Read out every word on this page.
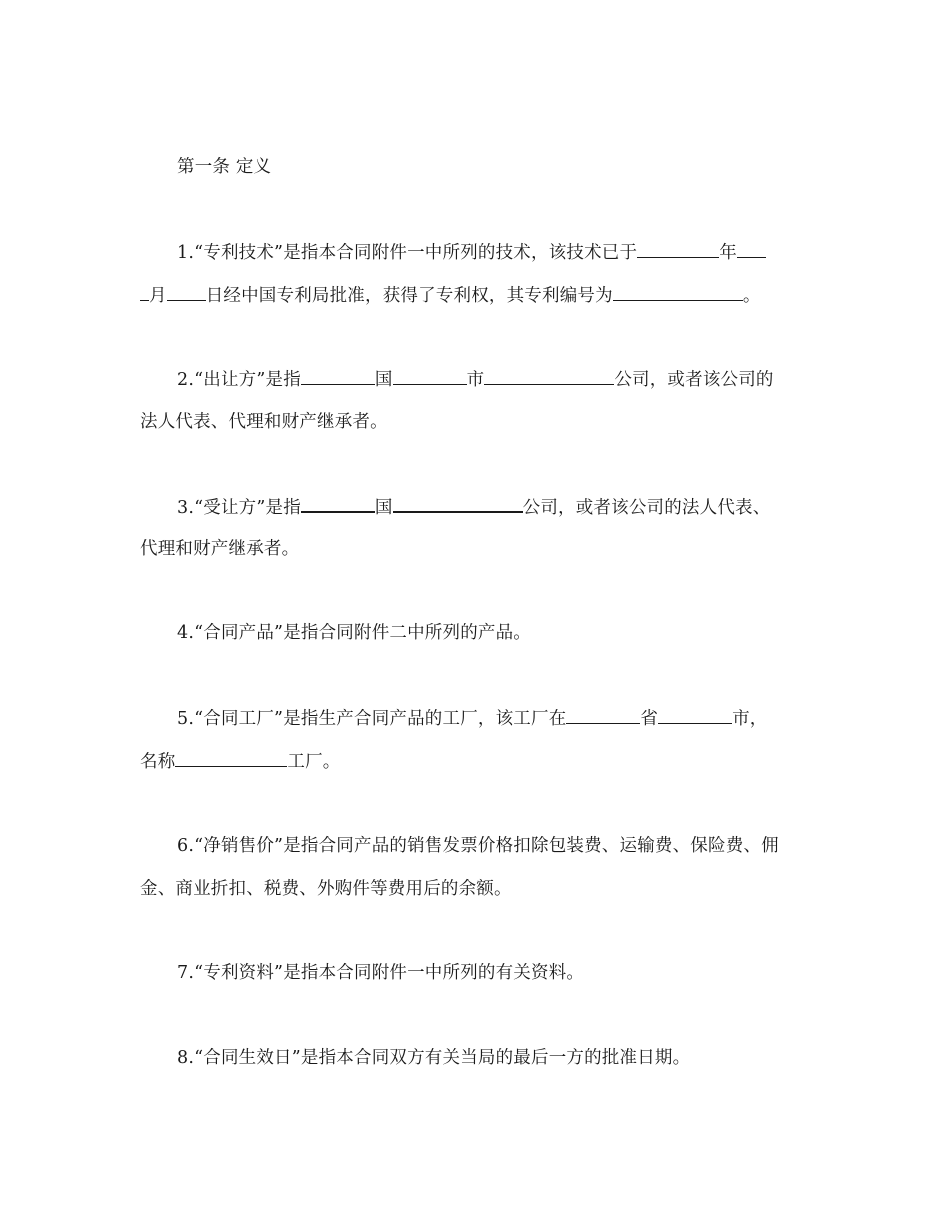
第一条 定义
1.“专利技术”是指本合同附件一中所列的技术，该技术已于	年
月 日经中国专利局批准，获得了专利权，其专利编号为	。
2.“出让方”是指	国	市	公司，或者该公司的
法人代表、代理和财产继承者。
3.“受让方”是指	国	公司，或者该公司的法人代表、
代理和财产继承者。
4.“合同产品”是指合同附件二中所列的产品。
5.“合同工厂”是指生产合同产品的工厂，该工厂在	省	市，
名称	工厂。
6.“净销售价”是指合同产品的销售发票价格扣除包装费、运输费、保险费、佣
金、商业折扣、税费、外购件等费用后的余额。
7.“专利资料”是指本合同附件一中所列的有关资料。
8.“合同生效日”是指本合同双方有关当局的最后一方的批准日期。
